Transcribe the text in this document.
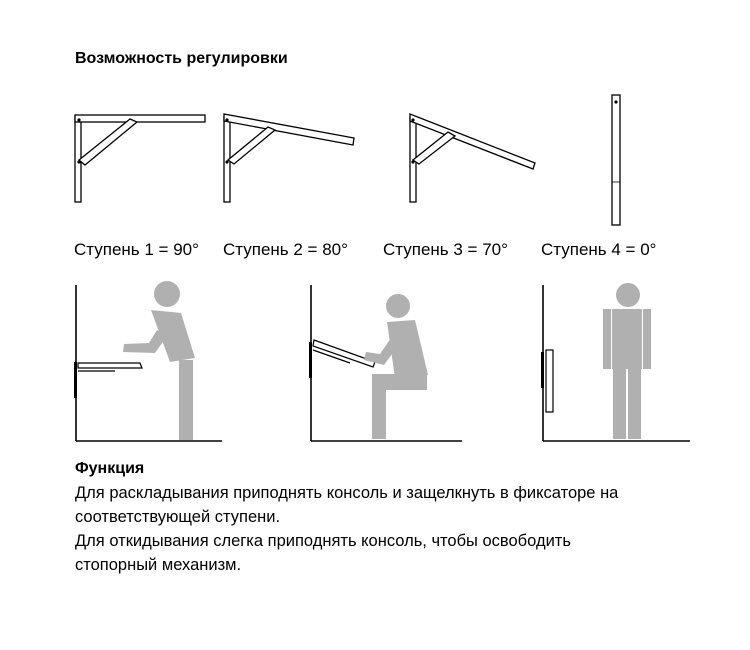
Возможность регулировки
Ступень 1 = 90° Ступень 2 = 80° Ступень 3 = 70° Ступень 4 = 0°
Функция
Для раскладывания приподнять консоль и защелкнуть в фиксаторе на
соответствующей ступени.
Для откидывания слегка приподнять консоль, чтобы освободить
стопорный механизм.
